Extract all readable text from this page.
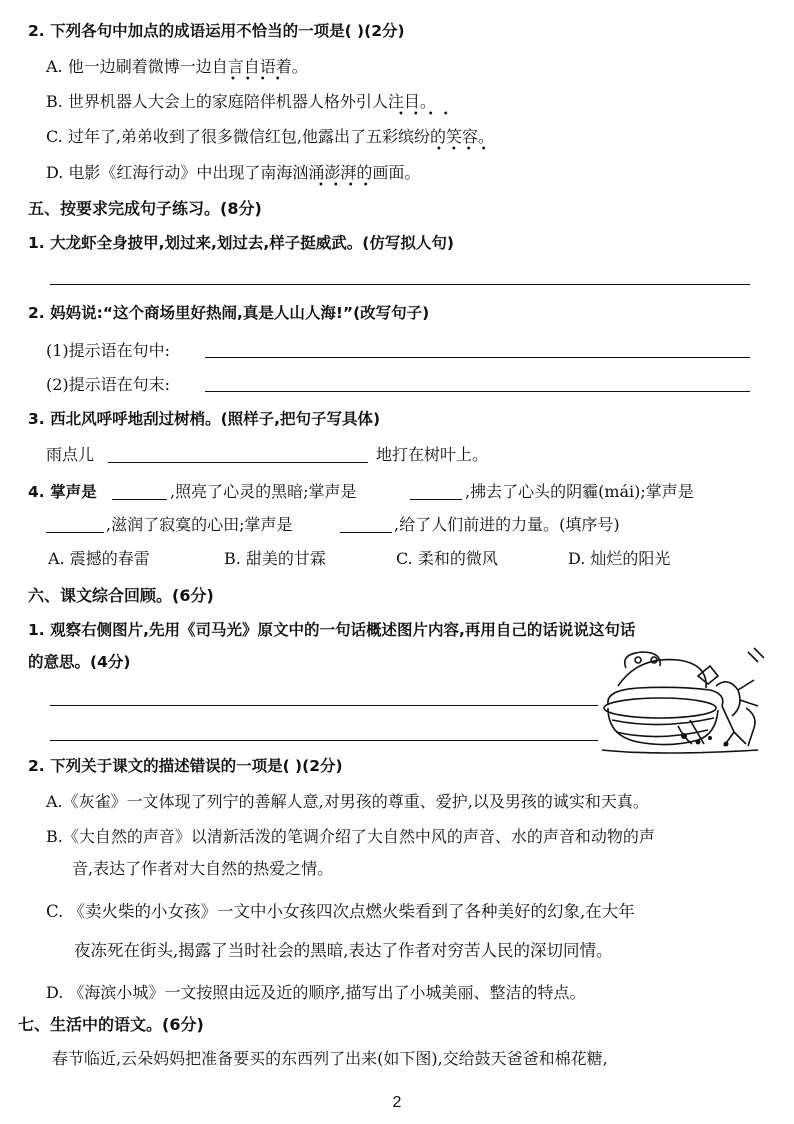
2. 下列各句中加点的成语运用不恰当的一项是( )(2分)
A. 他一边刷着微博一边自言自语着。
••••
B. 世界机器人大会上的家庭陪伴机器人格外引人注目。
••••
C. 过年了,弟弟收到了很多微信红包,他露出了五彩缤纷的笑容。
••••
D. 电影《红海行动》中出现了南海汹涌澎湃的画面。
••••
五、按要求完成句子练习。(8分)
1. 大龙虾全身披甲,划过来,划过去,样子挺威武。(仿写拟人句)
2. 妈妈说:“这个商场里好热闹,真是人山人海!”(改写句子)
(1)提示语在句中:
(2)提示语在句末:
3. 西北风呼呼地刮过树梢。(照样子,把句子写具体)
雨点儿	地打在树叶上。
4. 掌声是	,照亮了心灵的黑暗;掌声是	,拂去了心头的阴霾(mái);掌声是
,滋润了寂寞的心田;掌声是	,给了人们前进的力量。(填序号)
A. 震撼的春雷	B. 甜美的甘霖	C. 柔和的微风	D. 灿烂的阳光
六、课文综合回顾。(6分)
1. 观察右侧图片,先用《司马光》原文中的一句话概述图片内容,再用自己的话说说这句话
的意思。(4分)
2. 下列关于课文的描述错误的一项是( )(2分)
A.《灰雀》一文体现了列宁的善解人意,对男孩的尊重、爱护,以及男孩的诚实和天真。
B.《大自然的声音》以清新活泼的笔调介绍了大自然中风的声音、水的声音和动物的声
音,表达了作者对大自然的热爱之情。
C. 《卖火柴的小女孩》一文中小女孩四次点燃火柴看到了各种美好的幻象,在大年
夜冻死在街头,揭露了当时社会的黑暗,表达了作者对穷苦人民的深切同情。
D. 《海滨小城》一文按照由远及近的顺序,描写出了小城美丽、整洁的特点。
七、生活中的语文。(6分)
春节临近,云朵妈妈把准备要买的东西列了出来(如下图),交给鼓天爸爸和棉花糖,
2
